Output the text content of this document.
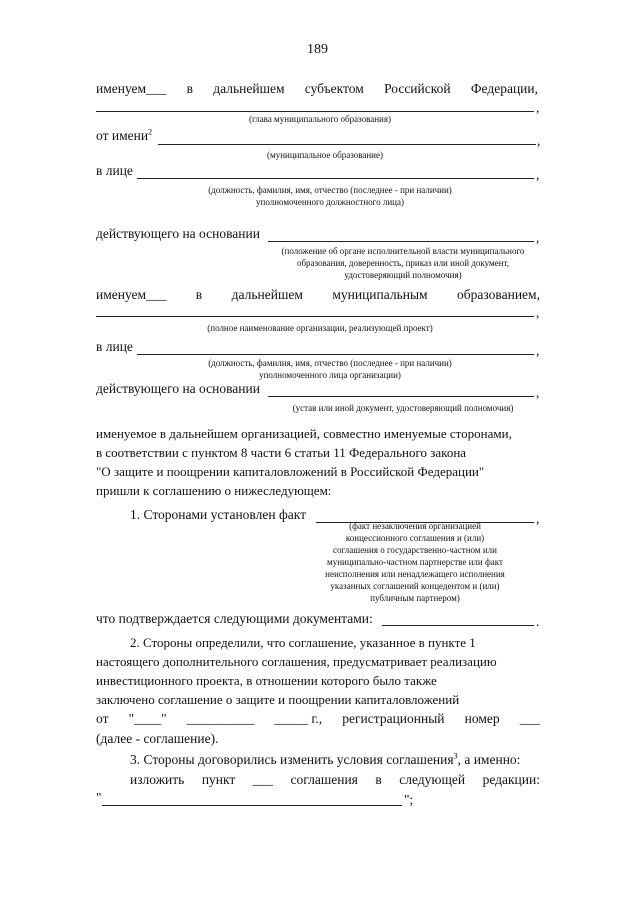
189
именуем___ в дальнейшем субъектом Российской Федерации,
,
(глава муниципального образования)
от имени$^2$
,
(муниципальное образование)
в лице	,
(должность, фамилия, имя, отчество (последнее - при наличии)
уполномоченного должностного лица)
действующего на основании	,
(положение об органе исполнительной власти муниципального
образования, доверенность, приказ или иной документ,
удостоверяющий полномочия)
именуем___ в дальнейшем муниципальным образованием,
,
(полное наименование организации, реализующей проект)
в лице	,
(должность, фамилия, имя, отчество (последнее - при наличии)
уполномоченного лица организации)
действующего на основании	,
(устав или иной документ, удостоверяющий полномочия)
именуемое в дальнейшем организацией, совместно именуемые сторонами,
в соответствии с пунктом 8 части 6 статьи 11 Федерального закона
"О защите и поощрении капиталовложений в Российской Федерации"
пришли к соглашению о нижеследующем:
1. Сторонами установлен факт	,
(факт незаключения организацией
концессионного соглашения и (или)
соглашения о государственно-частном или
муниципально-частном партнерстве или факт
неисполнения или ненадлежащего исполнения
указанных соглашений концедентом и (или)
публичным партнером)
что подтверждается следующими документами:	.
2. Стороны определили, что соглашение, указанное в пункте 1
настоящего дополнительного соглашения, предусматривает реализацию
инвестиционного проекта, в отношении которого было также
заключено соглашение о защите и поощрении капиталовложений
от "____" __________ _____ г., регистрационный номер ___
(далее - соглашение).
3. Стороны договорились изменить условия соглашения$^3$, а именно:
изложить пункт ___ соглашения в следующей редакции:
"	";
